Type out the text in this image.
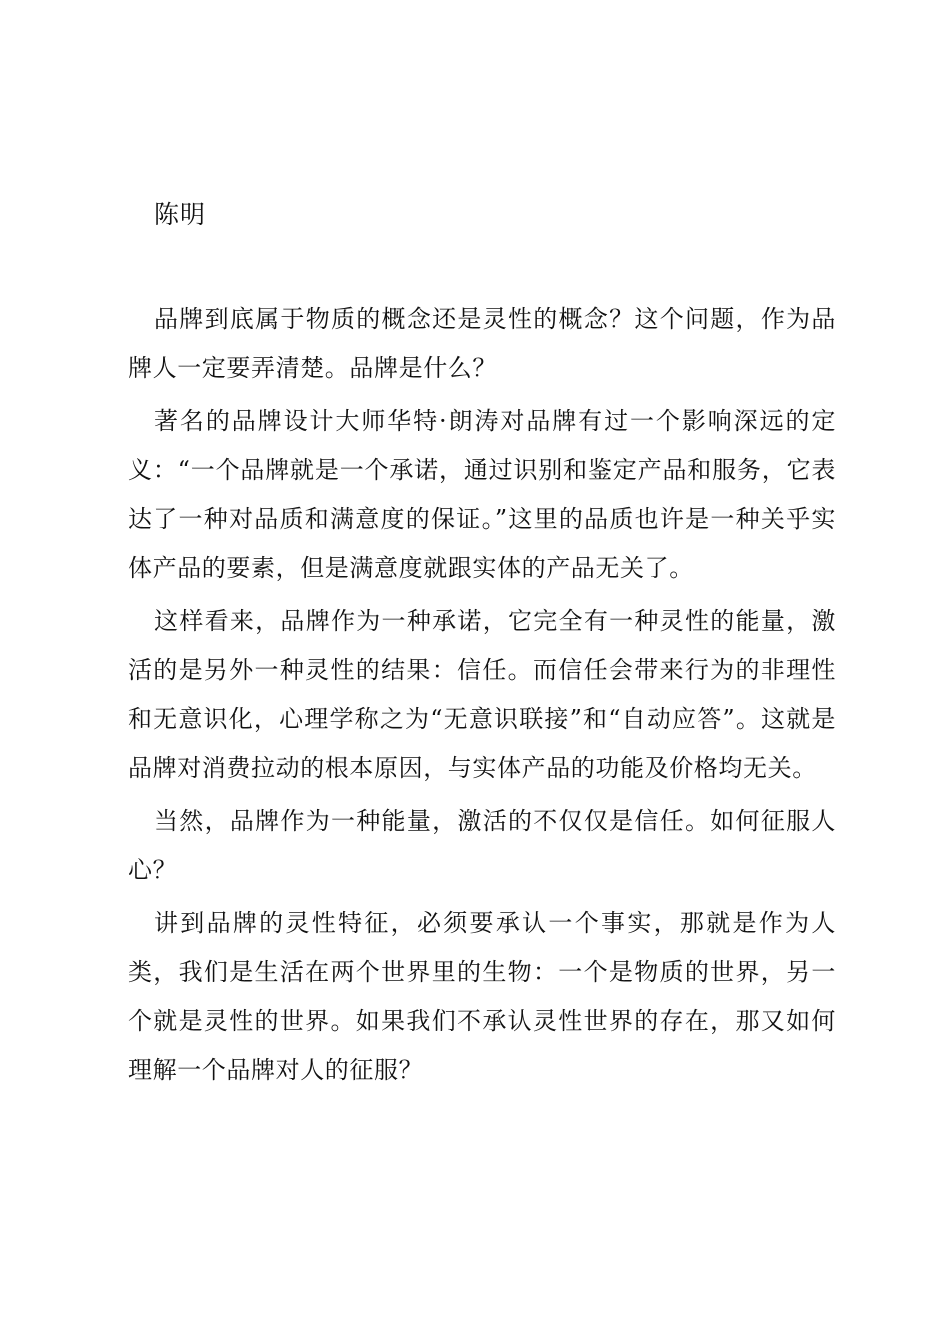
陈明

品牌到底属于物质的概念还是灵性的概念？这个问题，作为品牌人一定要弄清楚。品牌是什么？

著名的品牌设计大师华特·朗涛对品牌有过一个影响深远的定义：“一个品牌就是一个承诺，通过识别和鉴定产品和服务，它表达了一种对品质和满意度的保证。”这里的品质也许是一种关乎实体产品的要素，但是满意度就跟实体的产品无关了。

这样看来，品牌作为一种承诺，它完全有一种灵性的能量，激活的是另外一种灵性的结果：信任。而信任会带来行为的非理性和无意识化，心理学称之为“无意识联接”和“自动应答”。这就是品牌对消费拉动的根本原因，与实体产品的功能及价格均无关。

当然，品牌作为一种能量，激活的不仅仅是信任。如何征服人心？

讲到品牌的灵性特征，必须要承认一个事实，那就是作为人类，我们是生活在两个世界里的生物：一个是物质的世界，另一个就是灵性的世界。如果我们不承认灵性世界的存在，那又如何理解一个品牌对人的征服？
